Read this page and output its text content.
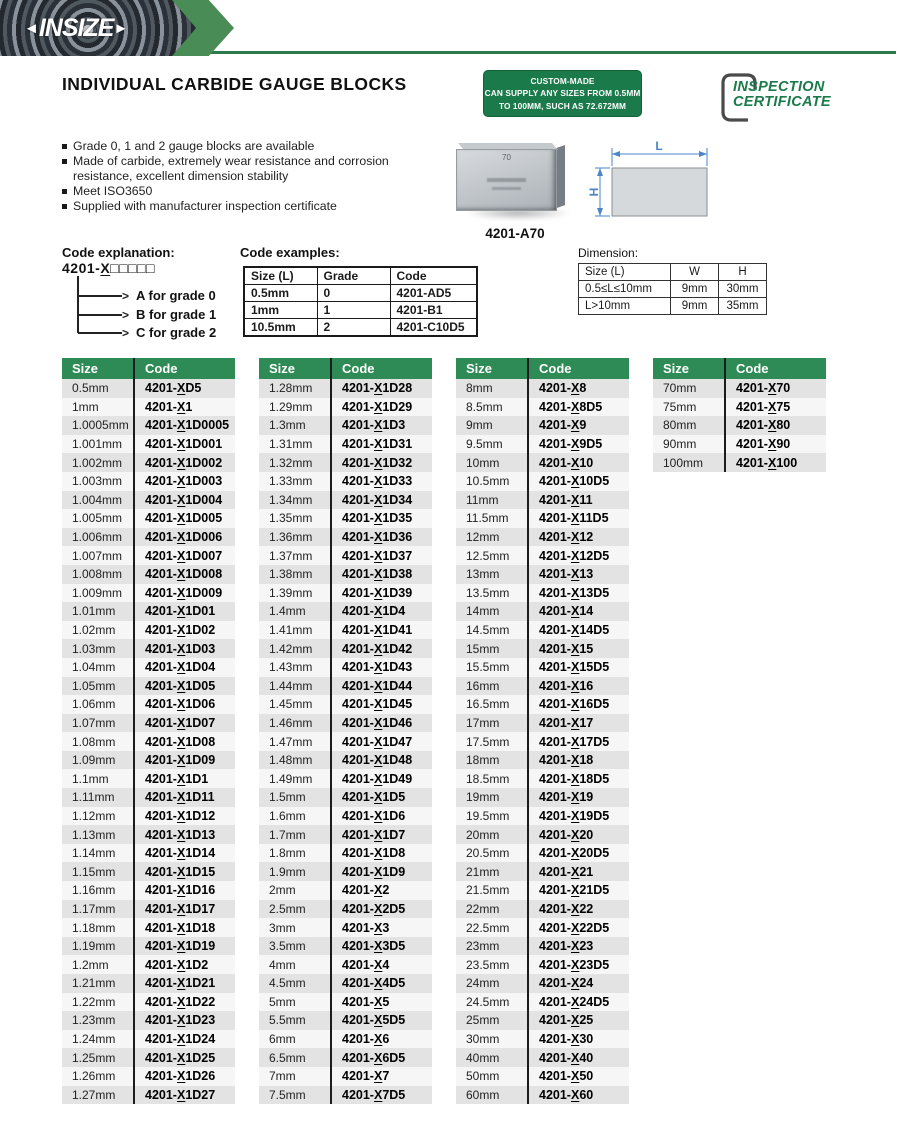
◄INSIZE►
INDIVIDUAL CARBIDE GAUGE BLOCKS	CUSTOM-MADE
CAN SUPPLY ANY SIZES FROM 0.5MM
TO 100MM, SUCH AS 72.672MM
INSPECTION
CERTIFICATE
Grade 0, 1 and 2 gauge blocks are available
Made of carbide, extremely wear resistance and corrosion resistance, excellent dimension stability
Meet ISO3650
Supplied with manufacturer inspection certificate
70
4201-A70
L
H
Code explanation:
4201-X□□□□□
>
>
>
A for grade 0
B for grade 1
C for grade 2
Code examples:
Size (L)	Grade	Code
0.5mm	0	4201-AD5
1mm	1	4201-B1
10.5mm	2	4201-C10D5
Dimension:
Size (L)	W	H
0.5≤L≤10mm	9mm	30mm
L>10mm	9mm	35mm
Size	Code
0.5mm	4201- X D5
1mm	4201- X 1
1.0005mm	4201- X 1D0005
1.001mm	4201- X 1D001
1.002mm	4201- X 1D002
1.003mm	4201- X 1D003
1.004mm	4201- X 1D004
1.005mm	4201- X 1D005
1.006mm	4201- X 1D006
1.007mm	4201- X 1D007
1.008mm	4201- X 1D008
1.009mm	4201- X 1D009
1.01mm	4201- X 1D01
1.02mm	4201- X 1D02
1.03mm	4201- X 1D03
1.04mm	4201- X 1D04
1.05mm	4201- X 1D05
1.06mm	4201- X 1D06
1.07mm	4201- X 1D07
1.08mm	4201- X 1D08
1.09mm	4201- X 1D09
1.1mm	4201- X 1D1
1.11mm	4201- X 1D11
1.12mm	4201- X 1D12
1.13mm	4201- X 1D13
1.14mm	4201- X 1D14
1.15mm	4201- X 1D15
1.16mm	4201- X 1D16
1.17mm	4201- X 1D17
1.18mm	4201- X 1D18
1.19mm	4201- X 1D19
1.2mm	4201- X 1D2
1.21mm	4201- X 1D21
1.22mm	4201- X 1D22
1.23mm	4201- X 1D23
1.24mm	4201- X 1D24
1.25mm	4201- X 1D25
1.26mm	4201- X 1D26
1.27mm	4201- X 1D27
Size	Code
1.28mm	4201- X 1D28
1.29mm	4201- X 1D29
1.3mm	4201- X 1D3
1.31mm	4201- X 1D31
1.32mm	4201- X 1D32
1.33mm	4201- X 1D33
1.34mm	4201- X 1D34
1.35mm	4201- X 1D35
1.36mm	4201- X 1D36
1.37mm	4201- X 1D37
1.38mm	4201- X 1D38
1.39mm	4201- X 1D39
1.4mm	4201- X 1D4
1.41mm	4201- X 1D41
1.42mm	4201- X 1D42
1.43mm	4201- X 1D43
1.44mm	4201- X 1D44
1.45mm	4201- X 1D45
1.46mm	4201- X 1D46
1.47mm	4201- X 1D47
1.48mm	4201- X 1D48
1.49mm	4201- X 1D49
1.5mm	4201- X 1D5
1.6mm	4201- X 1D6
1.7mm	4201- X 1D7
1.8mm	4201- X 1D8
1.9mm	4201- X 1D9
2mm	4201- X 2
2.5mm	4201- X 2D5
3mm	4201- X 3
3.5mm	4201- X 3D5
4mm	4201- X 4
4.5mm	4201- X 4D5
5mm	4201- X 5
5.5mm	4201- X 5D5
6mm	4201- X 6
6.5mm	4201- X 6D5
7mm	4201- X 7
7.5mm	4201- X 7D5
Size	Code
8mm	4201- X 8
8.5mm	4201- X 8D5
9mm	4201- X 9
9.5mm	4201- X 9D5
10mm	4201- X 10
10.5mm	4201- X 10D5
11mm	4201- X 11
11.5mm	4201- X 11D5
12mm	4201- X 12
12.5mm	4201- X 12D5
13mm	4201- X 13
13.5mm	4201- X 13D5
14mm	4201- X 14
14.5mm	4201- X 14D5
15mm	4201- X 15
15.5mm	4201- X 15D5
16mm	4201- X 16
16.5mm	4201- X 16D5
17mm	4201- X 17
17.5mm	4201- X 17D5
18mm	4201- X 18
18.5mm	4201- X 18D5
19mm	4201- X 19
19.5mm	4201- X 19D5
20mm	4201- X 20
20.5mm	4201- X 20D5
21mm	4201- X 21
21.5mm	4201- X 21D5
22mm	4201- X 22
22.5mm	4201- X 22D5
23mm	4201- X 23
23.5mm	4201- X 23D5
24mm	4201- X 24
24.5mm	4201- X 24D5
25mm	4201- X 25
30mm	4201- X 30
40mm	4201- X 40
50mm	4201- X 50
60mm	4201- X 60
Size	Code
70mm	4201- X 70
75mm	4201- X 75
80mm	4201- X 80
90mm	4201- X 90
100mm	4201- X 100
